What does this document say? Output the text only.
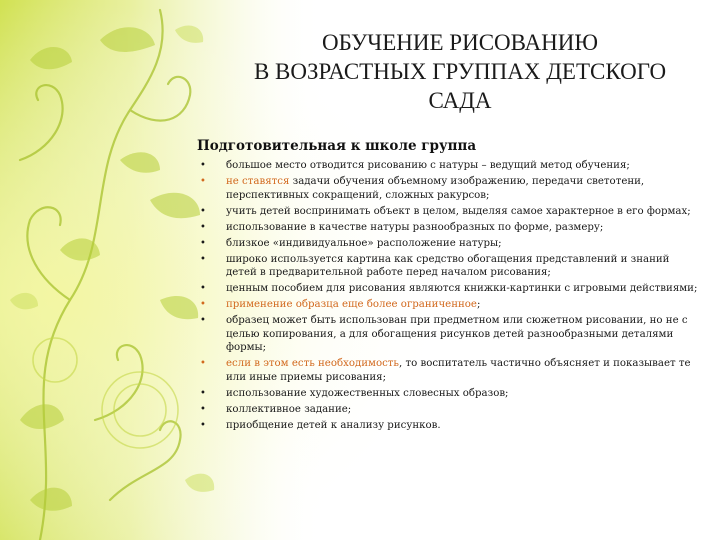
ОБУЧЕНИЕ РИСОВАНИЮ
В ВОЗРАСТНЫХ ГРУППАХ ДЕТСКОГО
САДА
Подготовительная к школе группа
• большое место отводится рисованию с натуры – ведущий метод обучения;
• не ставятся задачи обучения объемному изображению, передачи светотени, перспективных сокращений, сложных ракурсов;
• учить детей воспринимать объект в целом, выделяя самое характерное в его формах;
• использование в качестве натуры разнообразных по форме, размеру;
• близкое «индивидуальное» расположение натуры;
• широко используется картина как средство обогащения представлений и знаний детей в предварительной работе перед началом рисования;
• ценным пособием для рисования являются книжки-картинки с игровыми действиями;
• применение образца еще более ограниченное;
• образец может быть использован при предметном или сюжетном рисовании, но не с целью копирования, а для обогащения рисунков детей разнообразными деталями формы;
• если в этом есть необходимость, то воспитатель частично объясняет и показывает те или иные приемы рисования;
• использование художественных словесных образов;
• коллективное задание;
• приобщение детей к анализу рисунков.
